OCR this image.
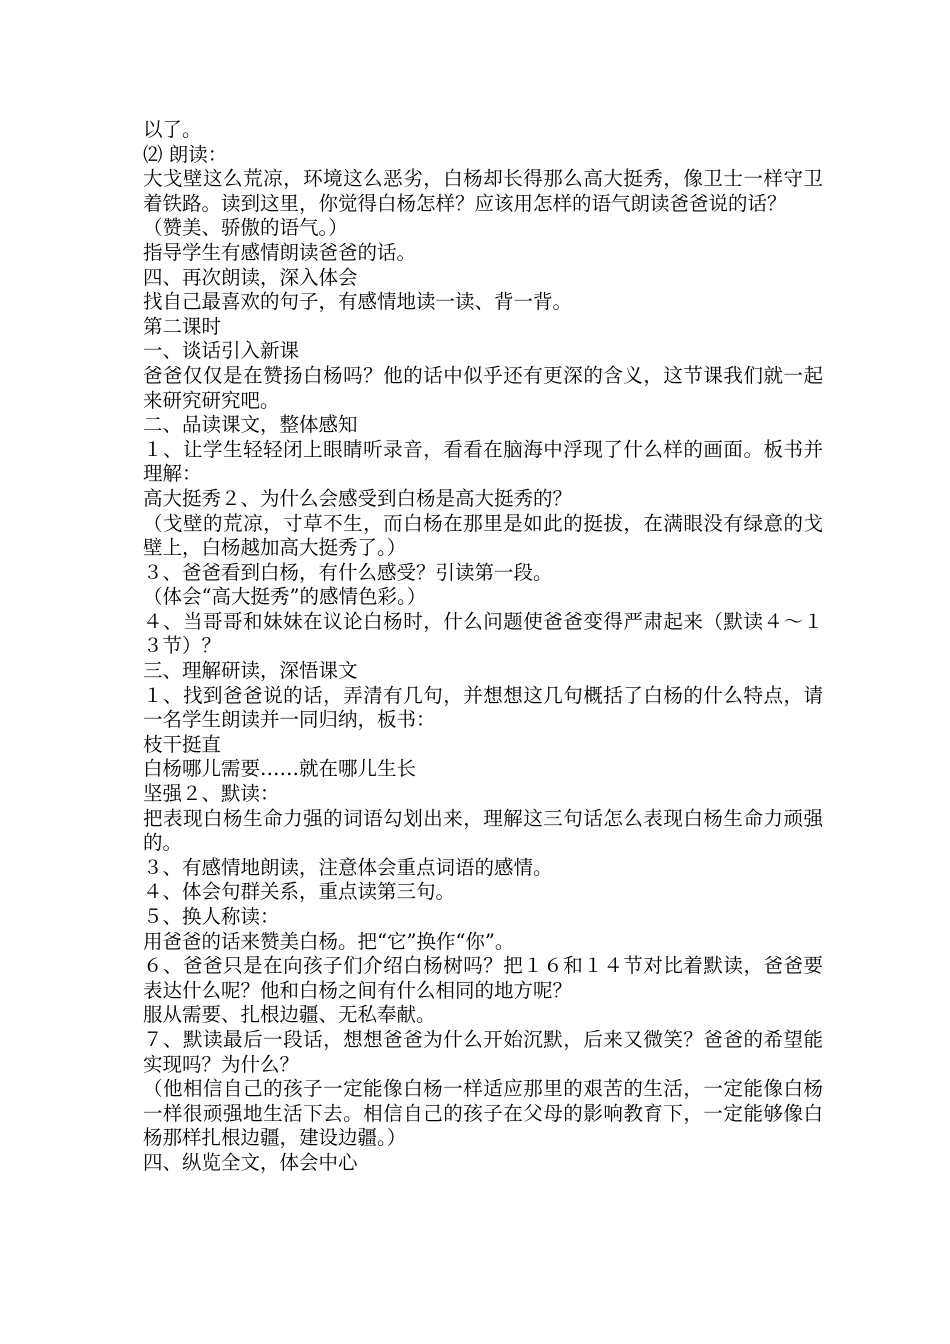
以了。

⑵ 朗读：

大戈壁这么荒凉，环境这么恶劣，白杨却长得那么高大挺秀，像卫士一样守卫着铁路。读到这里，你觉得白杨怎样？应该用怎样的语气朗读爸爸说的话？

（赞美、骄傲的语气。）

指导学生有感情朗读爸爸的话。

四、再次朗读，深入体会

找自己最喜欢的句子，有感情地读一读、背一背。

第二课时

一、谈话引入新课

爸爸仅仅是在赞扬白杨吗？他的话中似乎还有更深的含义，这节课我们就一起来研究研究吧。

二、品读课文，整体感知

１、让学生轻轻闭上眼睛听录音，看看在脑海中浮现了什么样的画面。板书并理解：

高大挺秀２、为什么会感受到白杨是高大挺秀的？

（戈壁的荒凉，寸草不生，而白杨在那里是如此的挺拔，在满眼没有绿意的戈壁上，白杨越加高大挺秀了。）

３、爸爸看到白杨，有什么感受？引读第一段。

（体会“高大挺秀”的感情色彩。）

４、当哥哥和妹妹在议论白杨时，什么问题使爸爸变得严肃起来（默读４～１３节）？

三、理解研读，深悟课文

１、找到爸爸说的话，弄清有几句，并想想这几句概括了白杨的什么特点，请一名学生朗读并一同归纳，板书：

枝干挺直

白杨哪儿需要……就在哪儿生长

坚强２、默读：

把表现白杨生命力强的词语勾划出来，理解这三句话怎么表现白杨生命力顽强的。

３、有感情地朗读，注意体会重点词语的感情。

４、体会句群关系，重点读第三句。

５、换人称读：

用爸爸的话来赞美白杨。把“它”换作“你”。

６、爸爸只是在向孩子们介绍白杨树吗？把１６和１４节对比着默读，爸爸要表达什么呢？他和白杨之间有什么相同的地方呢？

服从需要、扎根边疆、无私奉献。

７、默读最后一段话，想想爸爸为什么开始沉默，后来又微笑？爸爸的希望能实现吗？为什么？

（他相信自己的孩子一定能像白杨一样适应那里的艰苦的生活，一定能像白杨一样很顽强地生活下去。相信自己的孩子在父母的影响教育下，一定能够像白杨那样扎根边疆，建设边疆。）

四、纵览全文，体会中心
